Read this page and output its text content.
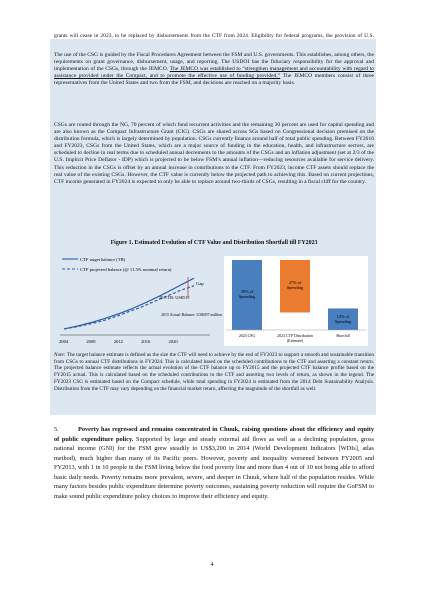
grants will cease in 2023, to be replaced by disbursements from the CTF from 2024. Eligibility for federal programs, the provision of U.S.

The use of the CSG is guided by the Fiscal Procedures Agreement between the FSM and U.S. governments. This establishes, among others, the requirements on grant governance, disbursement, usage, and reporting. The USDOI has the fiduciary responsibility for the approval and implementation of the CSGs, through the JEMCO. The JEMCO was established to “strengthen management and accountability with regard to assistance provided under the Compact, and to promote the effective use of funding provided.” The JEMCO members consist of three representatives from the United States and two from the FSM, and decisions are reached on a majority basis.

CSGs are routed through the NG, 70 percent of which fund recurrent activities and the remaining 30 percent are used for capital spending and are also known as the Compact Infrastructure Grant (CIG). CSGs are shared across SGs based on Congressional decision premised on the distribution formula, which is largely determined by population. CSGs currently finance around half of total public spending. Between FY2016 and FY2023, CSGs from the United States, which are a major source of funding in the education, health, and infrastructure sectors, are scheduled to decline in real terms due to scheduled annual decrements to the amounts of the CSGs and an inflation adjustment (set at 2/3 of the U.S. Implicit Price Deflator - IDP) which is projected to be below FSM’s annual inflation—reducing resources available for service delivery. This reduction in the CSGs is offset by an annual increase in contributions to the CTF. From FY2023, income CTF assets should replace the real value of the existing CSGs. However, the CTF value is currently below the projected path to achieving this. Based on current projections, CTF income generated in FY2024 is expected to only be able to replace around two-thirds of CSGs, resulting in a fiscal cliff for the country.

Figure 1. Estimated Evolution of CTF Value and Distribution Shortfall till FY2023
CTF target balance (TB)
CTF projected balance (@ 11.5% nominal return)
2004	2008	2012	2016	2020
Gap
20.5 TB: US$519
2015 Actual Balance: US$397 million
39% of
Spending
27% of
Spending
12% of
Spending
2023 CSG	2024 CTF Distribution
(Estimate)
Shortfall

Note: The target balance estimate is defined as the size the CTF will need to achieve by the end of FY2023 to support a smooth and sustainable transition from CSGs to annual CTF distributions in FY2024. This is calculated based on the scheduled contributions to the CTF and asserting a constant return. The projected balance estimate reflects the actual evolution of the CTF balance up to FY2015 and the projected CTF balance profile based on the FY2015 actual. This is calculated based on the scheduled contributions to the CTF and asserting two levels of return, as shown in the legend. The FY2023 CSG is estimated based on the Compact schedule, while total spending in FY2024 is estimated from the 2014 Debt Sustainability Analysis. Distribution from the CTF may vary depending on the financial market return, affecting the magnitude of the shortfall as well.

5.	Poverty has regressed and remains concentrated in Chuuk, raising questions about the efficiency and equity of public expenditure policy. Supported by large and steady external aid flows as well as a declining population, gross national income (GNI) for the FSM grew steadily to US$3,200 in 2014 (World Development Indicators [WDIs], atlas method), much higher than many of its Pacific peers. However, poverty and inequality worsened between FY2005 and FY2013, with 1 in 10 people in the FSM living below the food poverty line and more than 4 out of 10 not being able to afford basic daily needs. Poverty remains more prevalent, severe, and deeper in Chuuk, where half of the population resides. While many factors besides public expenditure determine poverty outcomes, sustaining poverty reduction will require the GoFSM to make sound public expenditure policy choices to improve their efficiency and equity.

4
